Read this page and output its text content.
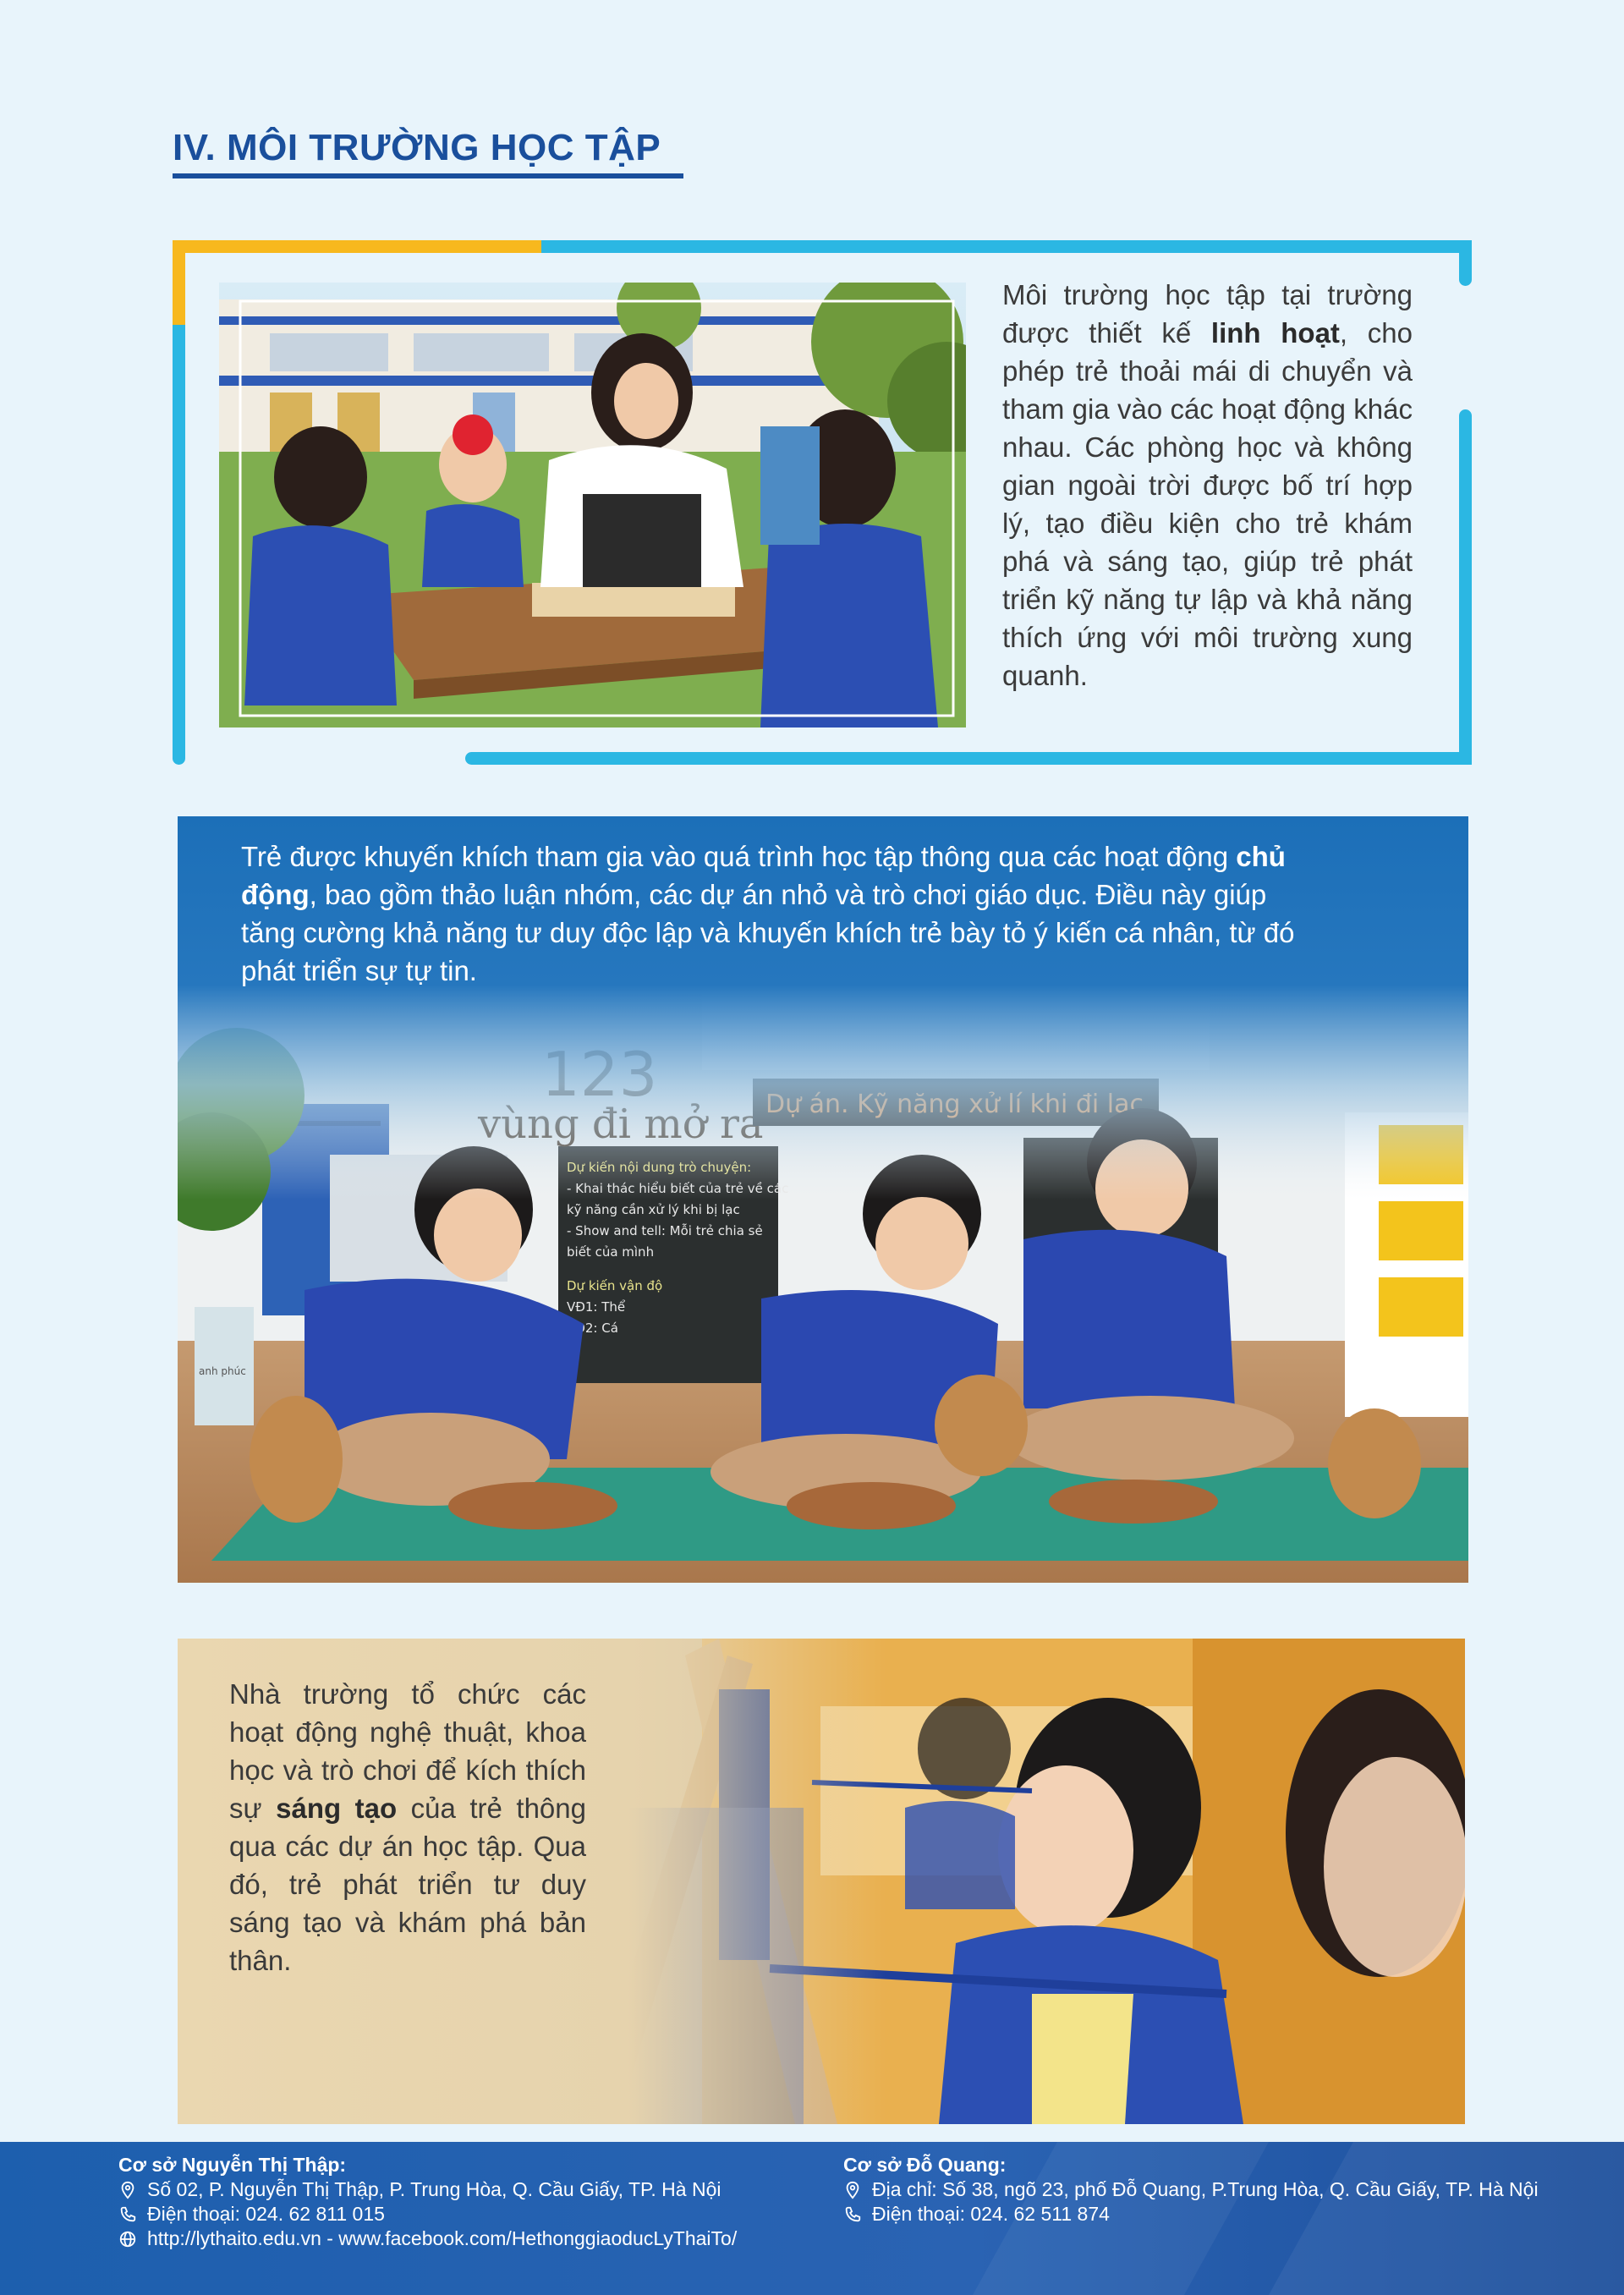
IV. MÔI TRƯỜNG HỌC TẬP

Môi trường học tập tại trường được thiết kế linh hoạt, cho phép trẻ thoải mái di chuyển và tham gia vào các hoạt động khác nhau. Các phòng học và không gian ngoài trời được bố trí hợp lý, tạo điều kiện cho trẻ khám phá và sáng tạo, giúp trẻ phát triển kỹ năng tự lập và khả năng thích ứng với môi trường xung quanh.

Trẻ được khuyến khích tham gia vào quá trình học tập thông qua các hoạt động chủ động, bao gồm thảo luận nhóm, các dự án nhỏ và trò chơi giáo dục. Điều này giúp tăng cường khả năng tư duy độc lập và khuyến khích trẻ bày tỏ ý kiến cá nhân, từ đó phát triển sự tự tin.

Nhà trường tổ chức các hoạt động nghệ thuật, khoa học và trò chơi để kích thích sự sáng tạo của trẻ thông qua các dự án học tập. Qua đó, trẻ phát triển tư duy sáng tạo và khám phá bản thân.

Cơ sở Nguyễn Thị Thập:
Số 02, P. Nguyễn Thị Thập, P. Trung Hòa, Q. Cầu Giấy, TP. Hà Nội
Điện thoại: 024. 62 811 015
http://lythaito.edu.vn - www.facebook.com/HethonggiaoducLyThaiTo/
Cơ sở Đỗ Quang:
Địa chỉ: Số 38, ngõ 23, phố Đỗ Quang, P.Trung Hòa, Q. Cầu Giấy, TP. Hà Nội
Điện thoại: 024. 62 511 874
